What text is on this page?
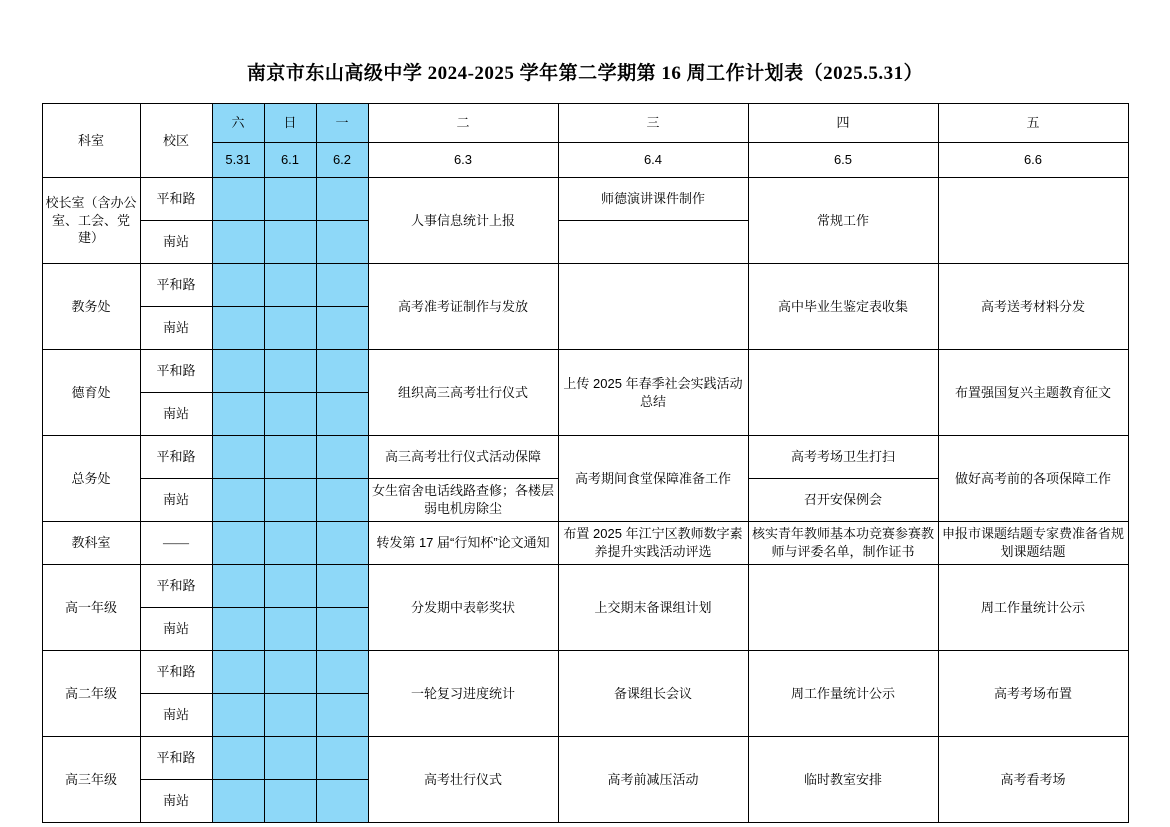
南京市东山高级中学 2024-2025 学年第二学期第 16 周工作计划表（2025.5.31）
科室	校区	六	日	一	二	三	四	五
		5.31	6.1	6.2	6.3	6.4	6.5	6.6
校长室（含办公室、工会、党建）	平和路				人事信息统计上报	师德演讲课件制作	常规工作	
	南站							
教务处	平和路				高考准考证制作与发放		高中毕业生鉴定表收集	高考送考材料分发
	南站							
德育处	平和路				组织高三高考壮行仪式	上传 2025 年春季社会实践活动总结		布置强国复兴主题教育征文
	南站							
总务处	平和路				高三高考壮行仪式活动保障	高考期间食堂保障准备工作	高考考场卫生打扫	做好高考前的各项保障工作
	南站				女生宿舍电话线路查修；各楼层弱电机房除尘		召开安保例会	
教科室	——				转发第 17 届“行知杯”论文通知	布置 2025 年江宁区教师数字素养提升实践活动评选	核实青年教师基本功竞赛参赛教师与评委名单，制作证书	申报市课题结题专家费准备省规划课题结题
高一年级	平和路				分发期中表彰奖状	上交期末备课组计划		周工作量统计公示
	南站							
高二年级	平和路				一轮复习进度统计	备课组长会议	周工作量统计公示	高考考场布置
	南站							
高三年级	平和路				高考壮行仪式	高考前减压活动	临时教室安排	高考看考场
	南站							
